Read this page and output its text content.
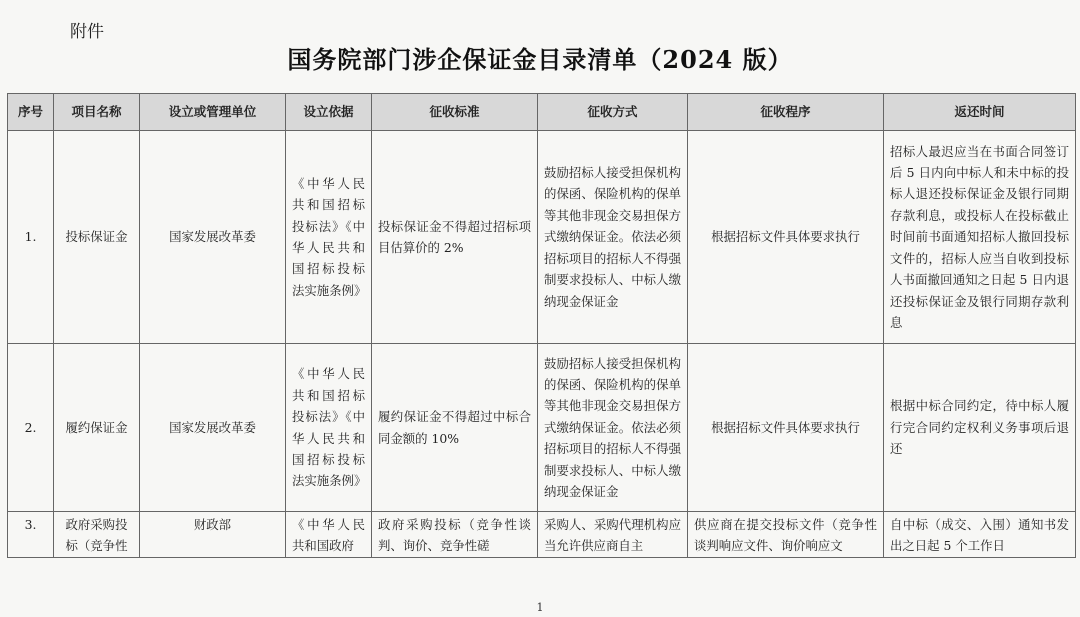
附件
国务院部门涉企保证金目录清单（2024 版）
序号	项目名称	设立或管理单位	设立依据	征收标准	征收方式	征收程序	返还时间
1.	投标保证金	国家发展改革委	《中华人民共和国招标投标法》《中华人民共和国招标投标法实施条例》	投标保证金不得超过招标项目估算价的 2%	鼓励招标人接受担保机构的保函、保险机构的保单等其他非现金交易担保方式缴纳保证金。依法必须招标项目的招标人不得强制要求投标人、中标人缴纳现金保证金	根据招标文件具体要求执行	招标人最迟应当在书面合同签订后 5 日内向中标人和未中标的投标人退还投标保证金及银行同期存款利息，或投标人在投标截止时间前书面通知招标人撤回投标文件的，招标人应当自收到投标人书面撤回通知之日起 5 日内退还投标保证金及银行同期存款利息
2.	履约保证金	国家发展改革委	《中华人民共和国招标投标法》《中华人民共和国招标投标法实施条例》	履约保证金不得超过中标合同金额的 10%	鼓励招标人接受担保机构的保函、保险机构的保单等其他非现金交易担保方式缴纳保证金。依法必须招标项目的招标人不得强制要求投标人、中标人缴纳现金保证金	根据招标文件具体要求执行	根据中标合同约定，待中标人履行完合同约定权利义务事项后退还
3.	政府采购投标（竞争性	财政部	《中华人民共和国政府	政府采购投标（竞争性谈判、询价、竞争性磋	采购人、采购代理机构应当允许供应商自主	供应商在提交投标文件（竞争性谈判响应文件、询价响应文	自中标（成交、入围）通知书发出之日起 5 个工作日
1
